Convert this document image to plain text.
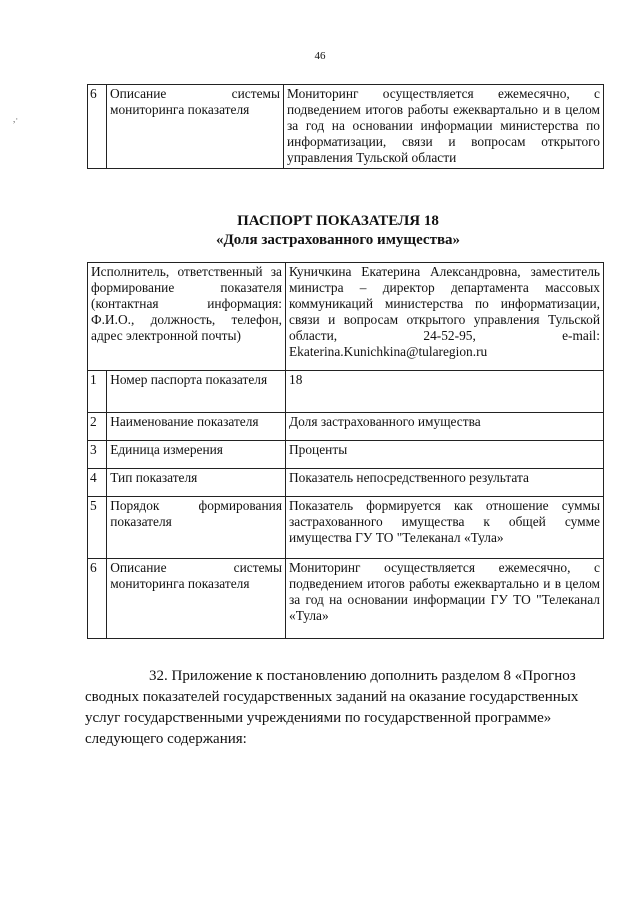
46
,·
6	Описание системы мониторинга показателя	Мониторинг осуществляется ежемесячно, с подведением итогов работы ежеквартально и в целом за год на основании информации министерства по информатизации, связи и вопросам открытого управления Тульской области
ПАСПОРТ ПОКАЗАТЕЛЯ 18
«Доля застрахованного имущества»
Исполнитель, ответственный за формирование показателя (контактная информация: Ф.И.О., должность, телефон, адрес электронной почты)		Куничкина Екатерина Александровна, заместитель министра – директор департамента массовых коммуникаций министерства по информатизации, связи и вопросам открытого управления Тульской области, 24-52-95, e-mail: Ekaterina.Kunichkina@tularegion.ru
1	Номер паспорта показателя	18
2	Наименование показателя	Доля застрахованного имущества
3	Единица измерения	Проценты
4	Тип показателя	Показатель непосредственного результата
5	Порядок формирования показателя	Показатель формируется как отношение суммы застрахованного имущества к общей сумме имущества ГУ ТО "Телеканал «Тула»
6	Описание системы мониторинга показателя	Мониторинг осуществляется ежемесячно, с подведением итогов работы ежеквартально и в целом за год на основании информации ГУ ТО "Телеканал «Тула»
32. Приложение к постановлению дополнить разделом 8 «Прогноз
сводных показателей государственных заданий на оказание государственных
услуг государственными учреждениями по государственной программе»
следующего содержания:
